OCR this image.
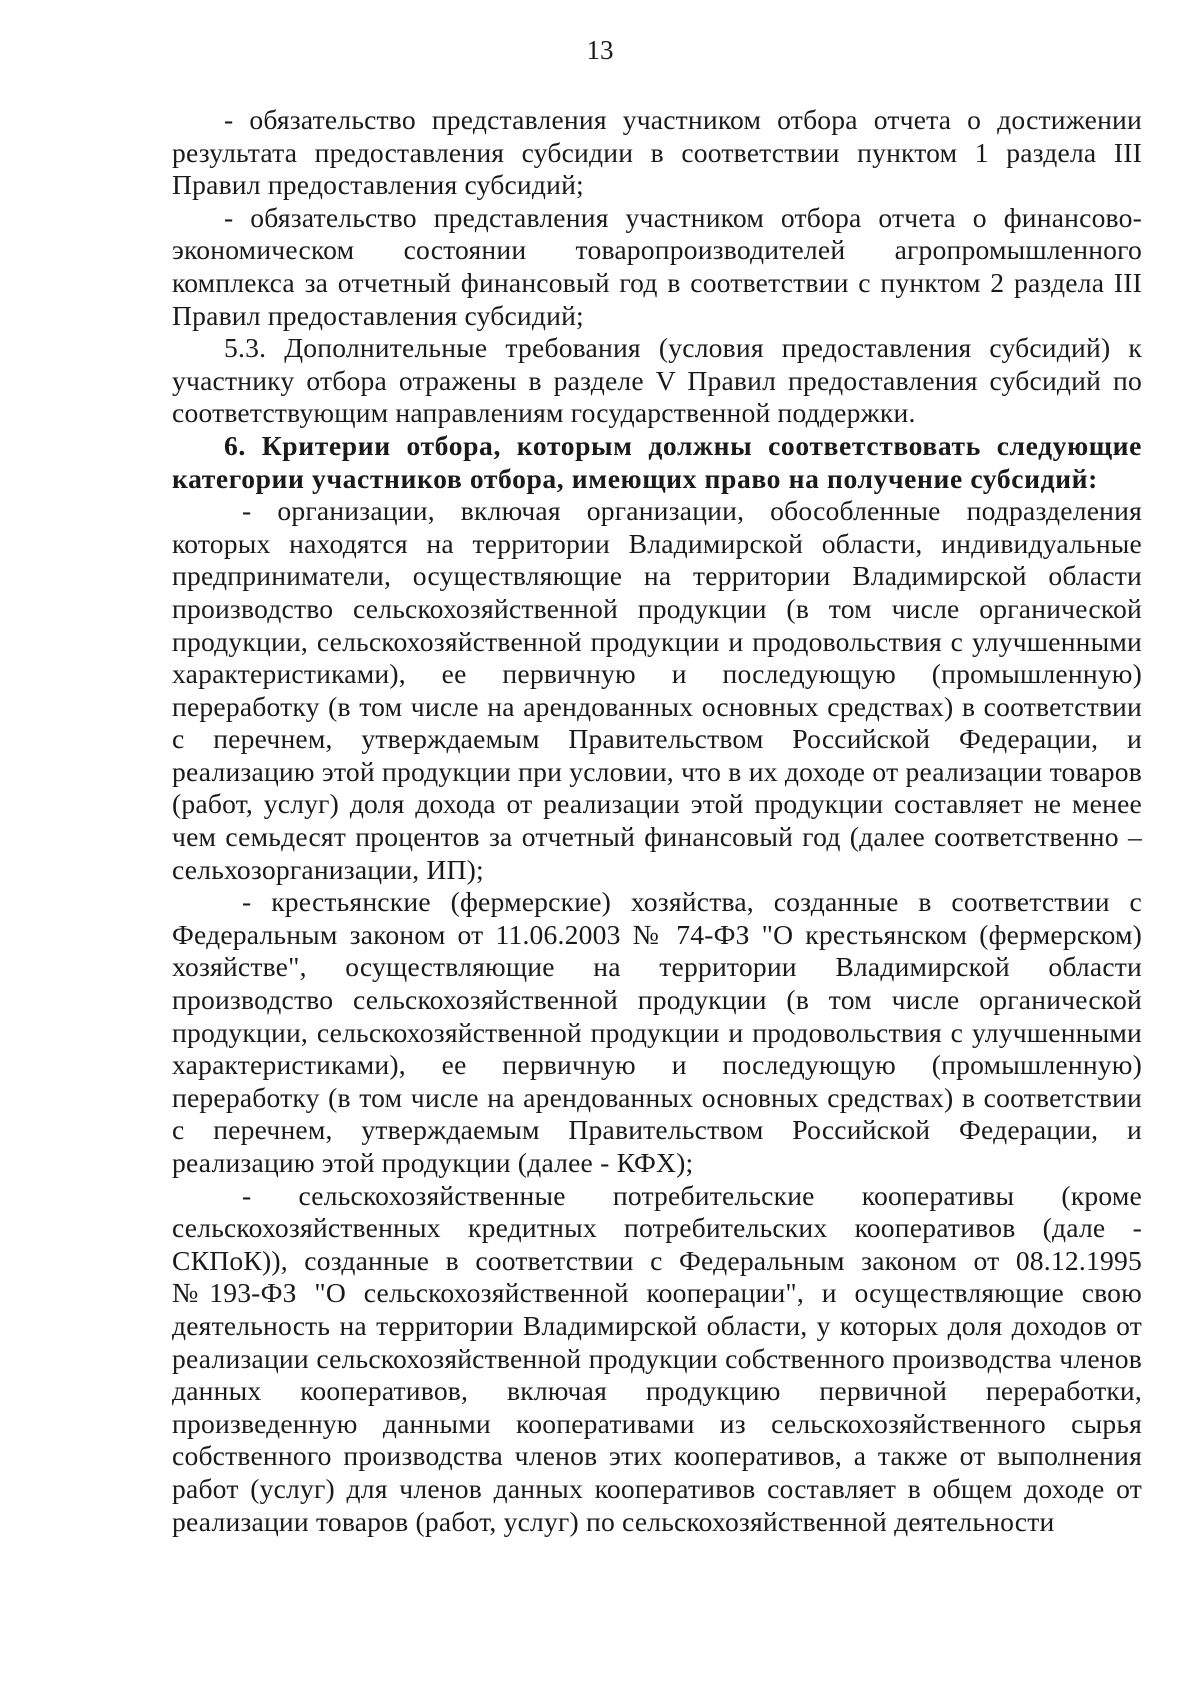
13

- обязательство представления участником отбора отчета о достижении результата предоставления субсидии в соответствии пунктом 1 раздела III Правил предоставления субсидий;

- обязательство представления участником отбора отчета о финансово-экономическом состоянии товаропроизводителей агропромышленного комплекса за отчетный финансовый год в соответствии с пунктом 2 раздела III Правил предоставления субсидий;

5.3. Дополнительные требования (условия предоставления субсидий) к участнику отбора отражены в разделе V Правил предоставления субсидий по соответствующим направлениям государственной поддержки.

6. Критерии отбора, которым должны соответствовать следующие категории участников отбора, имеющих право на получение субсидий:

- организации, включая организации, обособленные подразделения которых находятся на территории Владимирской области, индивидуальные предприниматели, осуществляющие на территории Владимирской области производство сельскохозяйственной продукции (в том числе органической продукции, сельскохозяйственной продукции и продовольствия с улучшенными характеристиками), ее первичную и последующую (промышленную) переработку (в том числе на арендованных основных средствах) в соответствии с перечнем, утверждаемым Правительством Российской Федерации, и реализацию этой продукции при условии, что в их доходе от реализации товаров (работ, услуг) доля дохода от реализации этой продукции составляет не менее чем семьдесят процентов за отчетный финансовый год (далее соответственно – сельхозорганизации, ИП);

- крестьянские (фермерские) хозяйства, созданные в соответствии с Федеральным законом от 11.06.2003 № 74-ФЗ "О крестьянском (фермерском) хозяйстве", осуществляющие на территории Владимирской области производство сельскохозяйственной продукции (в том числе органической продукции, сельскохозяйственной продукции и продовольствия с улучшенными характеристиками), ее первичную и последующую (промышленную) переработку (в том числе на арендованных основных средствах) в соответствии с перечнем, утверждаемым Правительством Российской Федерации, и реализацию этой продукции (далее - КФХ);

- сельскохозяйственные потребительские кооперативы (кроме сельскохозяйственных кредитных потребительских кооперативов (дале - СКПоК)), созданные в соответствии с Федеральным законом от 08.12.1995 №193-ФЗ "О сельскохозяйственной кооперации", и осуществляющие свою деятельность на территории Владимирской области, у которых доля доходов от реализации сельскохозяйственной продукции собственного производства членов данных кооперативов, включая продукцию первичной переработки, произведенную данными кооперативами из сельскохозяйственного сырья собственного производства членов этих кооперативов, а также от выполнения работ (услуг) для членов данных кооперативов составляет в общем доходе от реализации товаров (работ, услуг) по сельскохозяйственной деятельности
